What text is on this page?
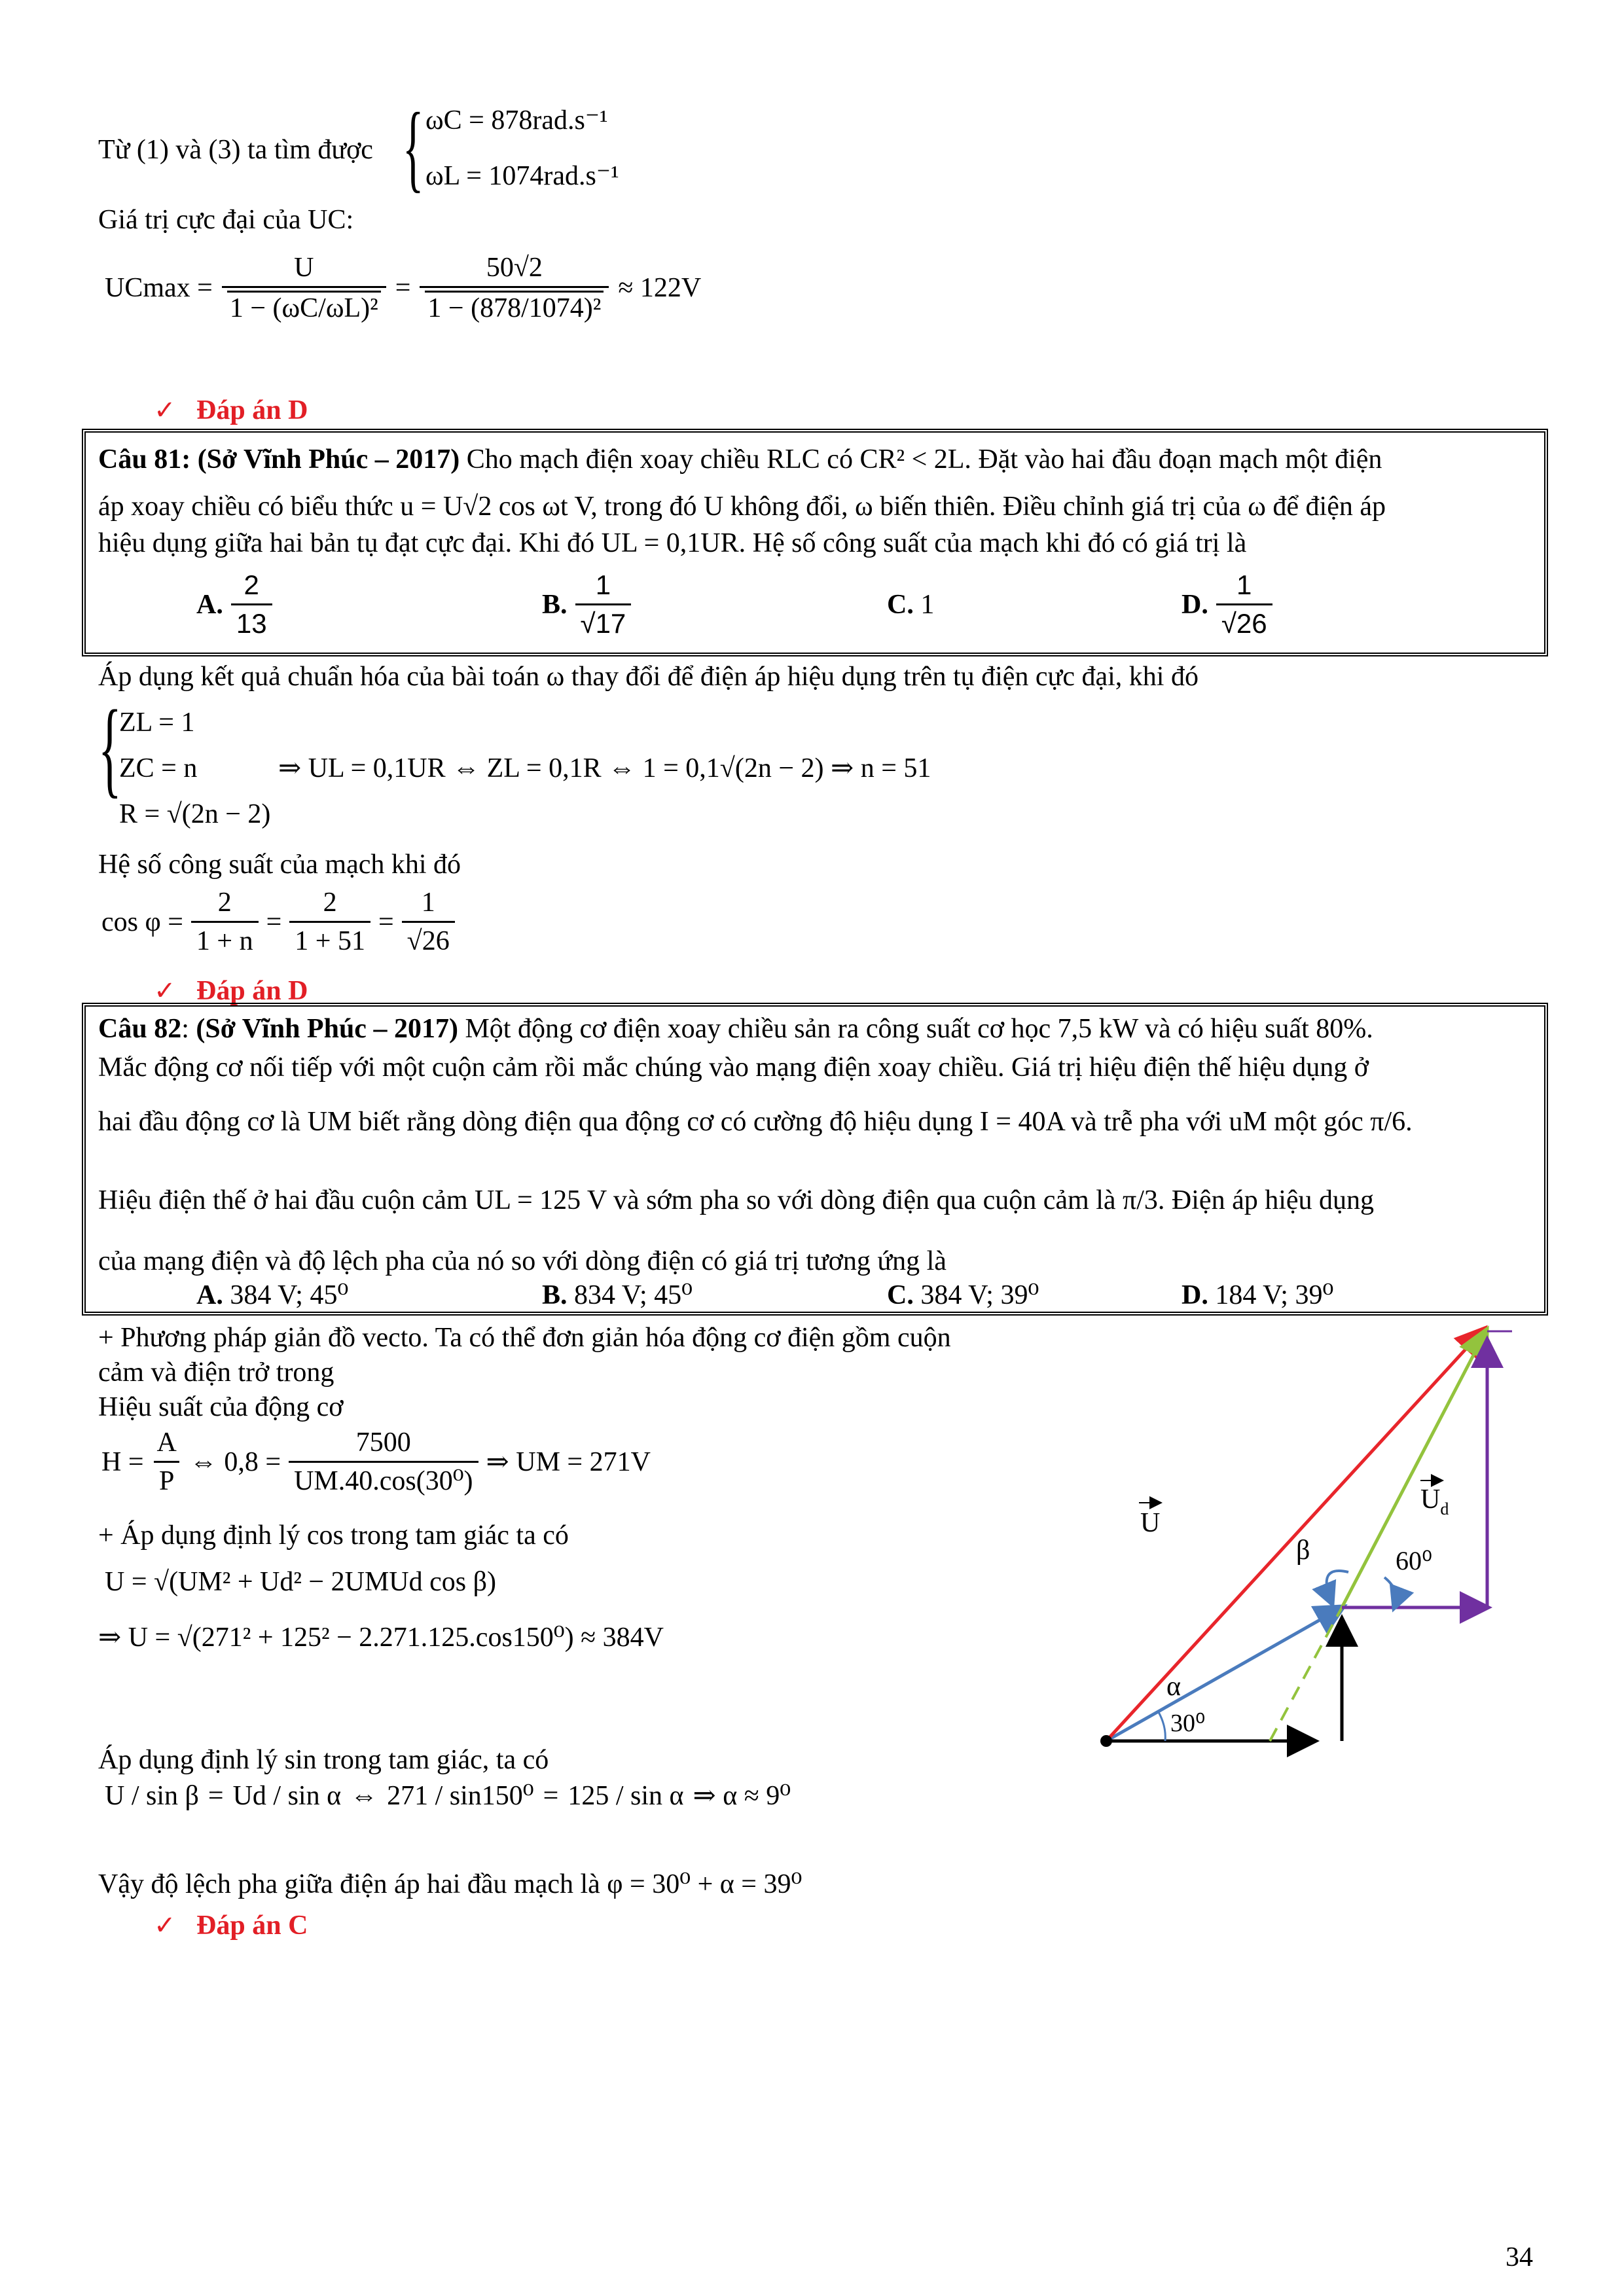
Từ (1) và (3) ta tìm được { ωC = 878rad.s⁻¹
ωL = 1074rad.s⁻¹
Giá trị cực đại của UC:
$UCmax = \frac{U}{\text{1 − (ωC/ωL)²}} = \frac{50√2}{\text{1 − (878/1074)²}} \approx 122V$
✓ Đáp án D
Câu 81: (Sở Vĩnh Phúc – 2017) Cho mạch điện xoay chiều RLC có CR² < 2L. Đặt vào hai đầu đoạn mạch một điện
áp xoay chiều có biểu thức u = U√2 cos ωt V, trong đó U không đổi, ω biến thiên. Điều chỉnh giá trị của ω để điện áp
hiệu dụng giữa hai bản tụ đạt cực đại. Khi đó UL = 0,1UR. Hệ số công suất của mạch khi đó có giá trị là
A. $\frac{2}{13}$	B. $\frac{1}{√17}$	C. 1	D. $\frac{1}{√26}$
Áp dụng kết quả chuẩn hóa của bài toán ω thay đổi để điện áp hiệu dụng trên tụ điện cực đại, khi đó
{
ZL = 1
ZC = n
R = √(2n − 2)
⇒ UL = 0,1UR ⇔ ZL = 0,1R ⇔ 1 = 0,1√(2n − 2) ⇒ n = 51
Hệ số công suất của mạch khi đó
$\cos \varphi = \frac{2}{1 + n} = \frac{2}{1 + 51} = \frac{1}{√26}$
✓ Đáp án D
Câu 82: (Sở Vĩnh Phúc – 2017) Một động cơ điện xoay chiều sản ra công suất cơ học 7,5 kW và có hiệu suất 80%.
Mắc động cơ nối tiếp với một cuộn cảm rồi mắc chúng vào mạng điện xoay chiều. Giá trị hiệu điện thế hiệu dụng ở
hai đầu động cơ là UM biết rằng dòng điện qua động cơ có cường độ hiệu dụng I = 40A và trễ pha với uM một góc π/6.
Hiệu điện thế ở hai đầu cuộn cảm UL = 125 V và sớm pha so với dòng điện qua cuộn cảm là π/3. Điện áp hiệu dụng
của mạng điện và độ lệch pha của nó so với dòng điện có giá trị tương ứng là
A. 384 V; 45⁰	B. 834 V; 45⁰	C. 384 V; 39⁰	D. 184 V; 39⁰
+ Phương pháp giản đồ vecto. Ta có thể đơn giản hóa động cơ điện gồm cuộn
cảm và điện trở trong
Hiệu suất của động cơ
$H = \frac{A}{P}$ ⇔ $0,8 = \frac{7500}{\text{UM.40.cos(30⁰)}}$ ⇒ UM = 271V
+ Áp dụng định lý cos trong tam giác ta có
U = √(UM² + Ud² − 2UMUd cos β)
⇒ U = √(271² + 125² − 2.271.125.cos150⁰) ≈ 384V
Áp dụng định lý sin trong tam giác, ta có
U / sin β = Ud / sin α ⇔ 271 / sin150⁰ = 125 / sin α ⇒ α ≈ 9⁰
Vậy độ lệch pha giữa điện áp hai đầu mạch là φ = 30⁰ + α = 39⁰
✓ Đáp án C
U
$U_d$
β	60⁰
α
30⁰
34
